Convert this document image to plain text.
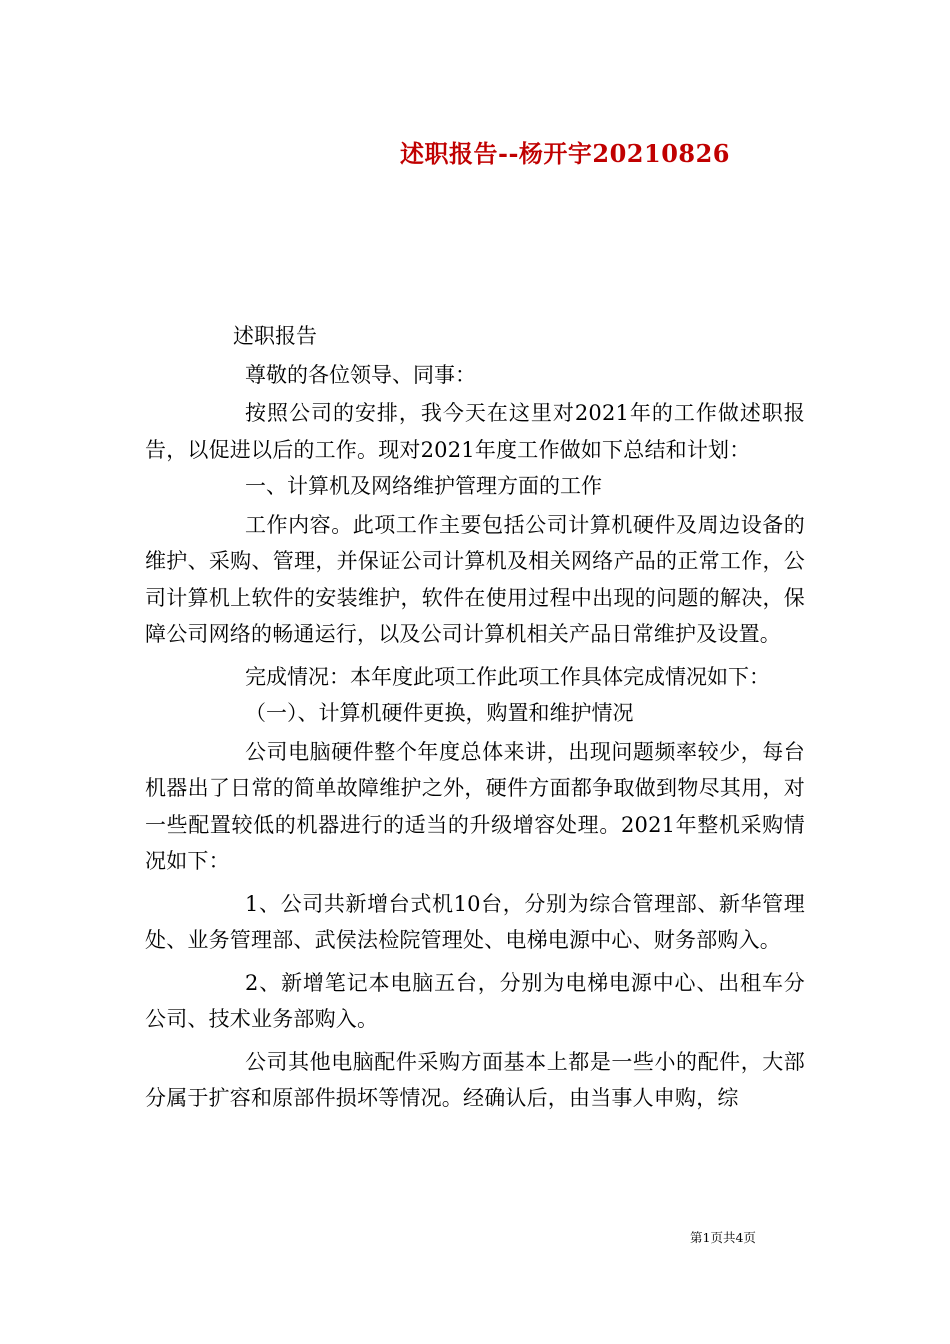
述职报告--杨开宇20210826

述职报告

尊敬的各位领导、同事：

按照公司的安排，我今天在这里对2021年的工作做述职报告，以促进以后的工作。现对2021年度工作做如下总结和计划：

一、计算机及网络维护管理方面的工作

工作内容。此项工作主要包括公司计算机硬件及周边设备的维护、采购、管理，并保证公司计算机及相关网络产品的正常工作，公司计算机上软件的安装维护，软件在使用过程中出现的问题的解决，保障公司网络的畅通运行，以及公司计算机相关产品日常维护及设置。

完成情况：本年度此项工作此项工作具体完成情况如下：

（一）、计算机硬件更换，购置和维护情况

公司电脑硬件整个年度总体来讲，出现问题频率较少，每台机器出了日常的简单故障维护之外，硬件方面都争取做到物尽其用，对一些配置较低的机器进行的适当的升级增容处理。2021年整机采购情况如下：

1、公司共新增台式机10台，分别为综合管理部、新华管理处、业务管理部、武侯法检院管理处、电梯电源中心、财务部购入。

2、新增笔记本电脑五台，分别为电梯电源中心、出租车分公司、技术业务部购入。

公司其他电脑配件采购方面基本上都是一些小的配件，大部分属于扩容和原部件损坏等情况。经确认后，由当事人申购，综

第1页共4页
